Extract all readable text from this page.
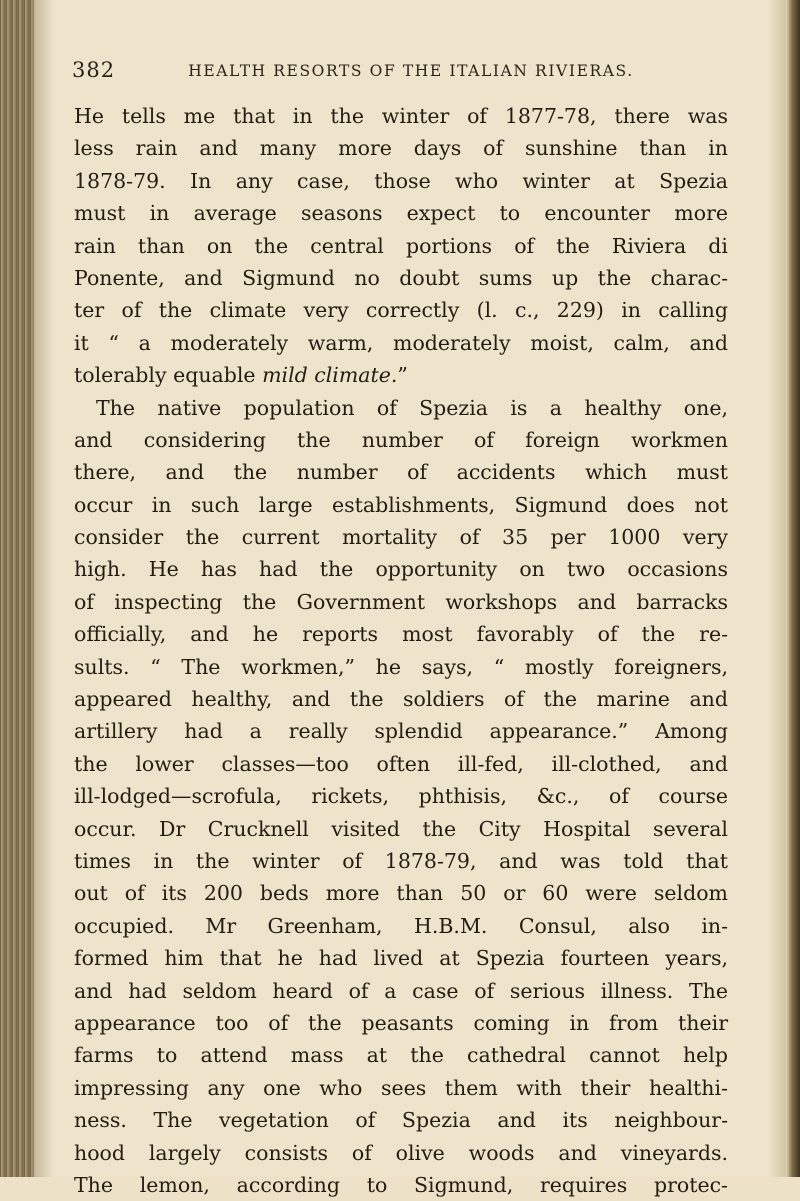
382	HEALTH RESORTS OF THE ITALIAN RIVIERAS.
He tells me that in the winter of 1877-78, there was
less rain and many more days of sunshine than in
1878-79. In any case, those who winter at Spezia
must in average seasons expect to encounter more
rain than on the central portions of the Riviera di
Ponente, and Sigmund no doubt sums up the charac-
ter of the climate very correctly (l. c., 229) in calling
it “ a moderately warm, moderately moist, calm, and
tolerably equable mild climate.”
The native population of Spezia is a healthy one,
and considering the number of foreign workmen
there, and the number of accidents which must
occur in such large establishments, Sigmund does not
consider the current mortality of 35 per 1000 very
high. He has had the opportunity on two occasions
of inspecting the Government workshops and barracks
officially, and he reports most favorably of the re-
sults. “ The workmen,” he says, “ mostly foreigners,
appeared healthy, and the soldiers of the marine and
artillery had a really splendid appearance.” Among
the lower classes—too often ill-fed, ill-clothed, and
ill-lodged—scrofula, rickets, phthisis, &c., of course
occur. Dr Crucknell visited the City Hospital several
times in the winter of 1878-79, and was told that
out of its 200 beds more than 50 or 60 were seldom
occupied. Mr Greenham, H.B.M. Consul, also in-
formed him that he had lived at Spezia fourteen years,
and had seldom heard of a case of serious illness. The
appearance too of the peasants coming in from their
farms to attend mass at the cathedral cannot help
impressing any one who sees them with their healthi-
ness. The vegetation of Spezia and its neighbour-
hood largely consists of olive woods and vineyards.
The lemon, according to Sigmund, requires protec-
